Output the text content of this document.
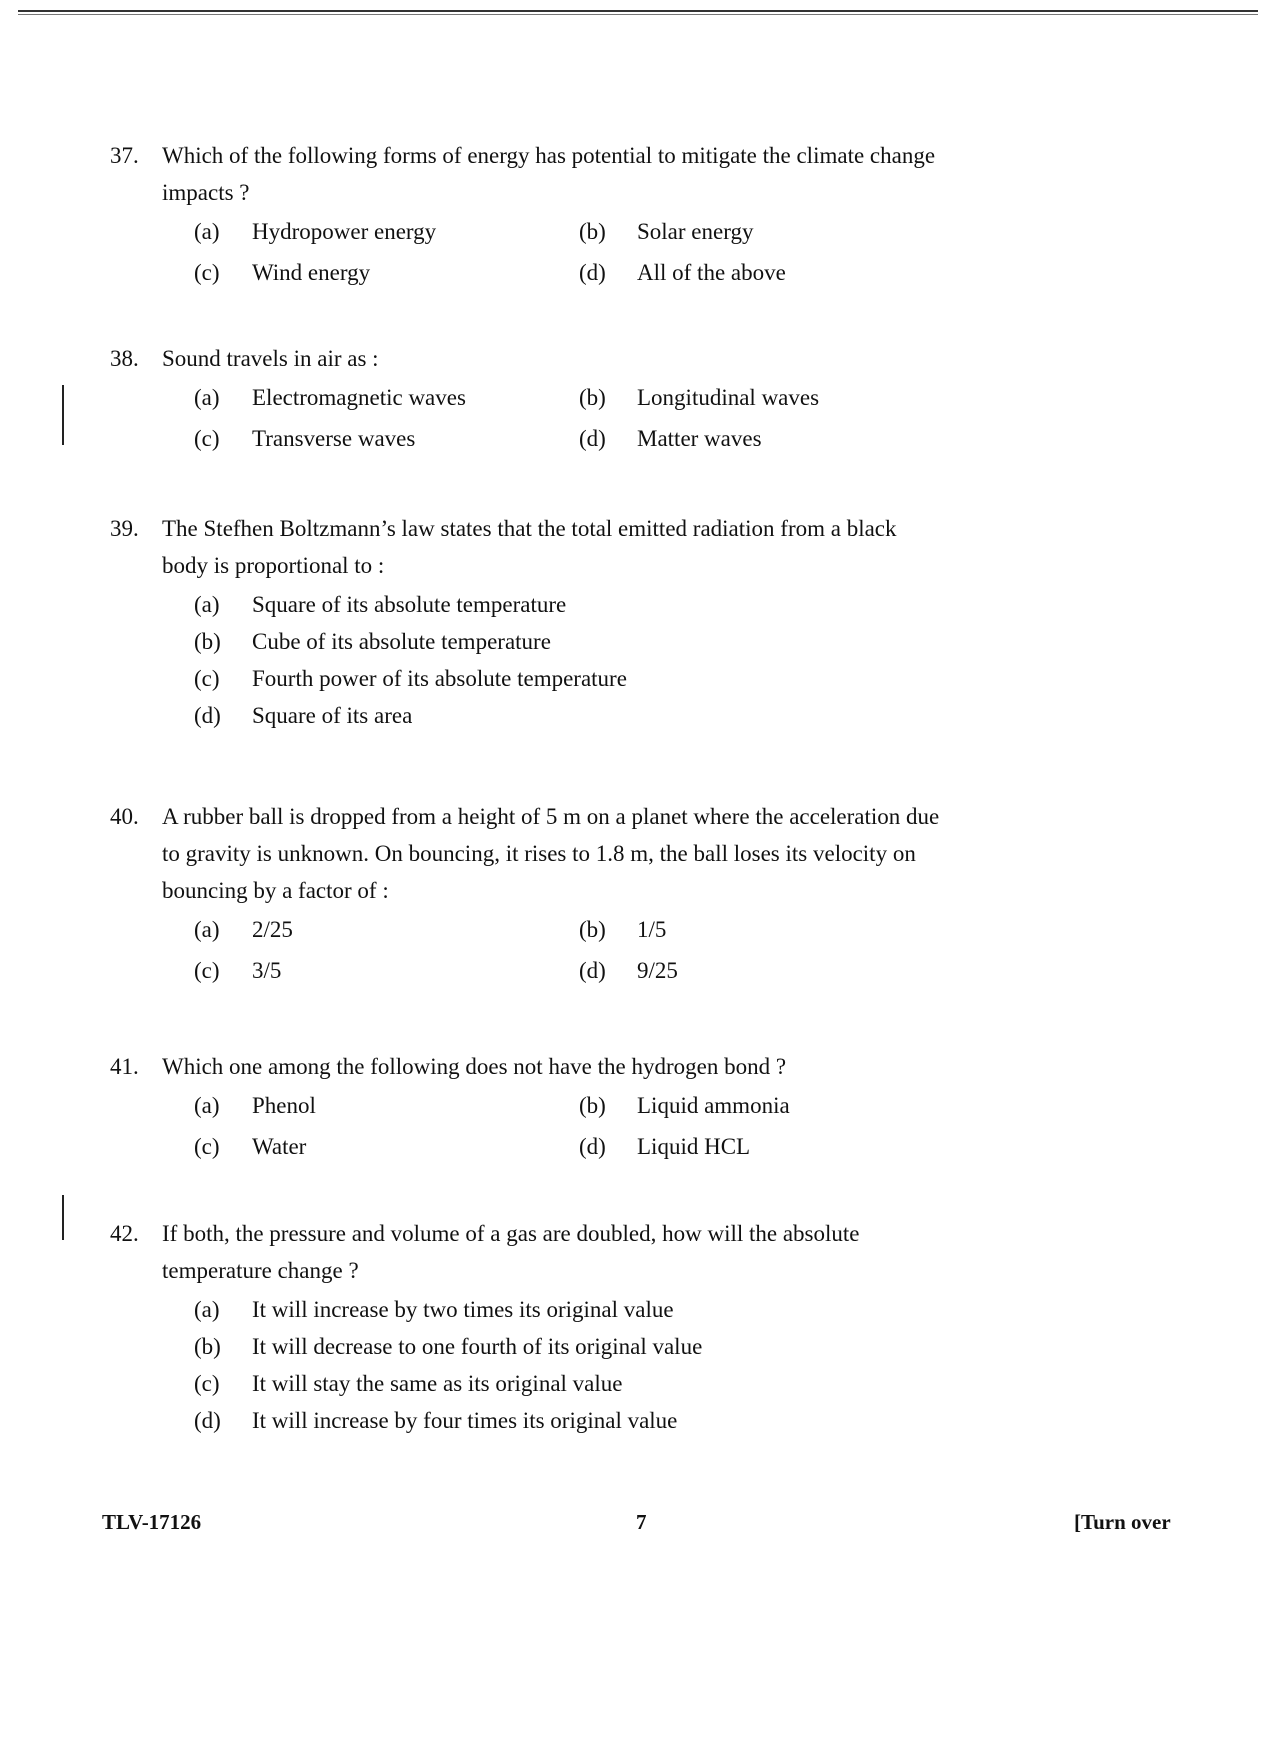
37.	Which of the following forms of energy has potential to mitigate the climate change impacts ?
(a)	Hydropower energy	(b)	Solar energy
(c)	Wind energy	(d)	All of the above
38.	Sound travels in air as :
(a)	Electromagnetic waves	(b)	Longitudinal waves
(c)	Transverse waves	(d)	Matter waves
39.	The Stefhen Boltzmann’s law states that the total emitted radiation from a black body is proportional to :
(a)	Square of its absolute temperature
(b)	Cube of its absolute temperature
(c)	Fourth power of its absolute temperature
(d)	Square of its area
40.	A rubber ball is dropped from a height of 5 m on a planet where the acceleration due to gravity is unknown. On bouncing, it rises to 1.8 m, the ball loses its velocity on bouncing by a factor of :
(a)	2/25	(b)	1/5
(c)	3/5	(d)	9/25
41.	Which one among the following does not have the hydrogen bond ?
(a)	Phenol	(b)	Liquid ammonia
(c)	Water	(d)	Liquid HCL
42.	If both, the pressure and volume of a gas are doubled, how will the absolute temperature change ?
(a)	It will increase by two times its original value
(b)	It will decrease to one fourth of its original value
(c)	It will stay the same as its original value
(d)	It will increase by four times its original value
TLV-17126	7	[Turn over
